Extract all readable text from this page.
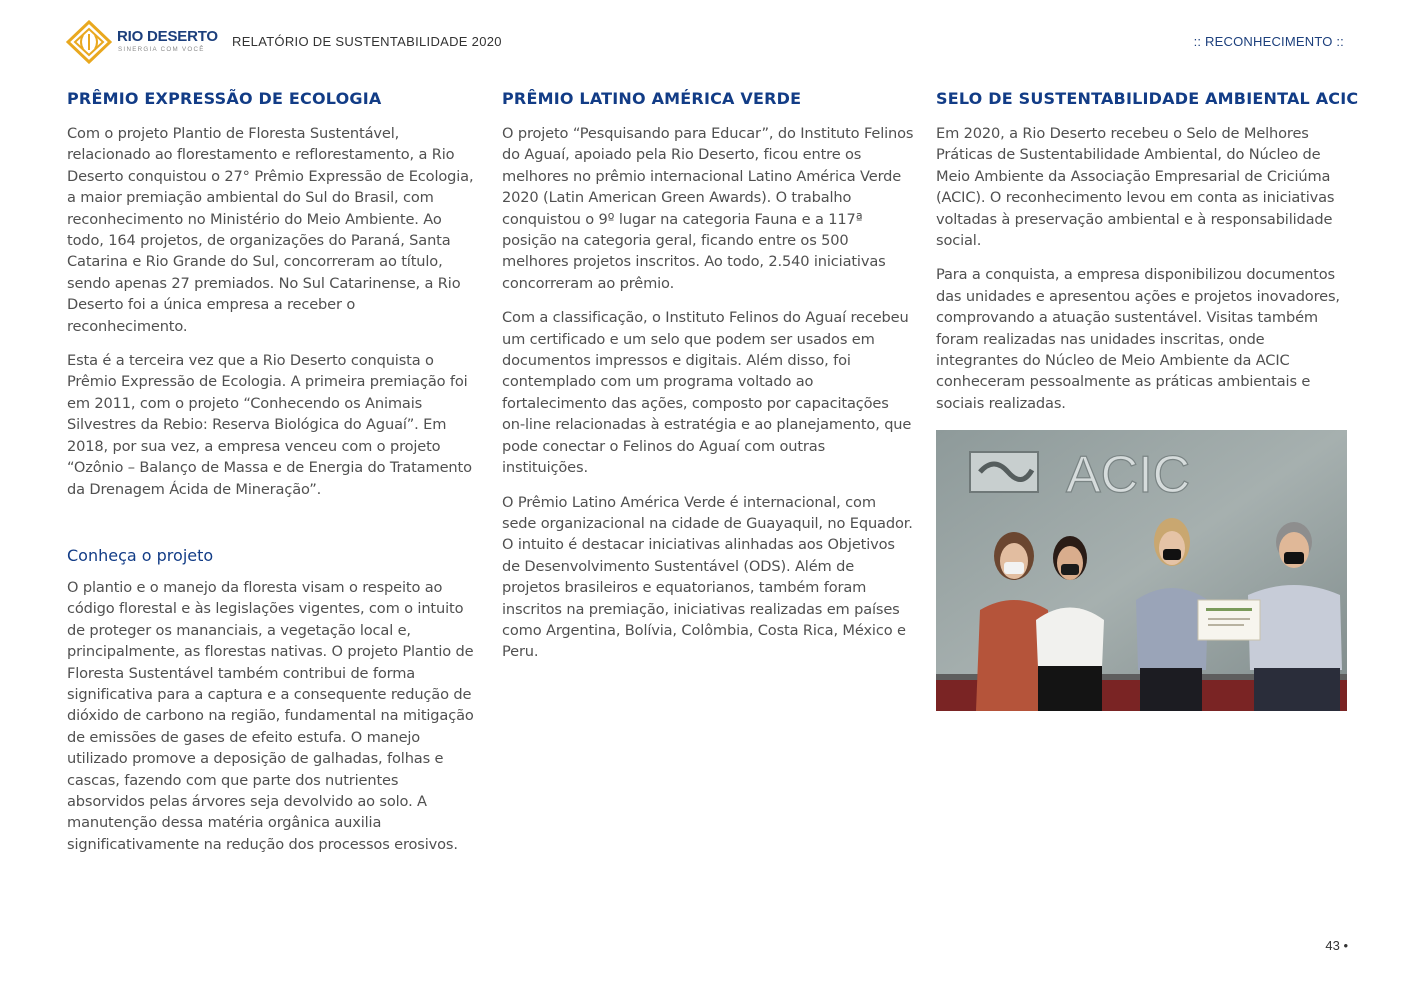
RIO DESERTO
SINERGIA COM VOCÊ
RELATÓRIO DE SUSTENTABILIDADE 2020	:: RECONHECIMENTO ::
PRÊMIO EXPRESSÃO DE ECOLOGIA

Com o projeto Plantio de Floresta Sustentável, relacionado ao florestamento e reflorestamento, a Rio Deserto conquistou o 27° Prêmio Expressão de Ecologia, a maior premiação ambiental do Sul do Brasil, com reconhecimento no Ministério do Meio Ambiente. Ao todo, 164 projetos, de organizações do Paraná, Santa Catarina e Rio Grande do Sul, concorreram ao título, sendo apenas 27 premiados. No Sul Catarinense, a Rio Deserto foi a única empresa a receber o reconhecimento.

Esta é a terceira vez que a Rio Deserto conquista o Prêmio Expressão de Ecologia. A primeira premiação foi em 2011, com o projeto “Conhecendo os Animais Silvestres da Rebio: Reserva Biológica do Aguaí”. Em 2018, por sua vez, a empresa venceu com o projeto “Ozônio – Balanço de Massa e de Energia do Tratamento da Drenagem Ácida de Mineração”.

Conheça o projeto

O plantio e o manejo da floresta visam o respeito ao código florestal e às legislações vigentes, com o intuito de proteger os mananciais, a vegetação local e, principalmente, as florestas nativas. O projeto Plantio de Floresta Sustentável também contribui de forma significativa para a captura e a consequente redução de dióxido de carbono na região, fundamental na mitigação de emissões de gases de efeito estufa. O manejo utilizado promove a deposição de galhadas, folhas e cascas, fazendo com que parte dos nutrientes absorvidos pelas árvores seja devolvido ao solo. A manutenção dessa matéria orgânica auxilia significativamente na redução dos processos erosivos.

PRÊMIO LATINO AMÉRICA VERDE

O projeto “Pesquisando para Educar”, do Instituto Felinos do Aguaí, apoiado pela Rio Deserto, ficou entre os melhores no prêmio internacional Latino América Verde 2020 (Latin American Green Awards). O trabalho conquistou o 9º lugar na categoria Fauna e a 117ª posição na categoria geral, ficando entre os 500 melhores projetos inscritos. Ao todo, 2.540 iniciativas concorreram ao prêmio.

Com a classificação, o Instituto Felinos do Aguaí recebeu um certificado e um selo que podem ser usados em documentos impressos e digitais. Além disso, foi contemplado com um programa voltado ao fortalecimento das ações, composto por capacitações on-line relacionadas à estratégia e ao planejamento, que pode conectar o Felinos do Aguaí com outras instituições.

O Prêmio Latino América Verde é internacional, com sede organizacional na cidade de Guayaquil, no Equador. O intuito é destacar iniciativas alinhadas aos Objetivos de Desenvolvimento Sustentável (ODS). Além de projetos brasileiros e equatorianos, também foram inscritos na premiação, iniciativas realizadas em países como Argentina, Bolívia, Colômbia, Costa Rica, México e Peru.

SELO DE SUSTENTABILIDADE AMBIENTAL ACIC

Em 2020, a Rio Deserto recebeu o Selo de Melhores Práticas de Sustentabilidade Ambiental, do Núcleo de Meio Ambiente da Associação Empresarial de Criciúma (ACIC). O reconhecimento levou em conta as iniciativas voltadas à preservação ambiental e à responsabilidade social.

Para a conquista, a empresa disponibilizou documentos das unidades e apresentou ações e projetos inovadores, comprovando a atuação sustentável. Visitas também foram realizadas nas unidades inscritas, onde integrantes do Núcleo de Meio Ambiente da ACIC conheceram pessoalmente as práticas ambientais e sociais realizadas.

ACIC
43 •
